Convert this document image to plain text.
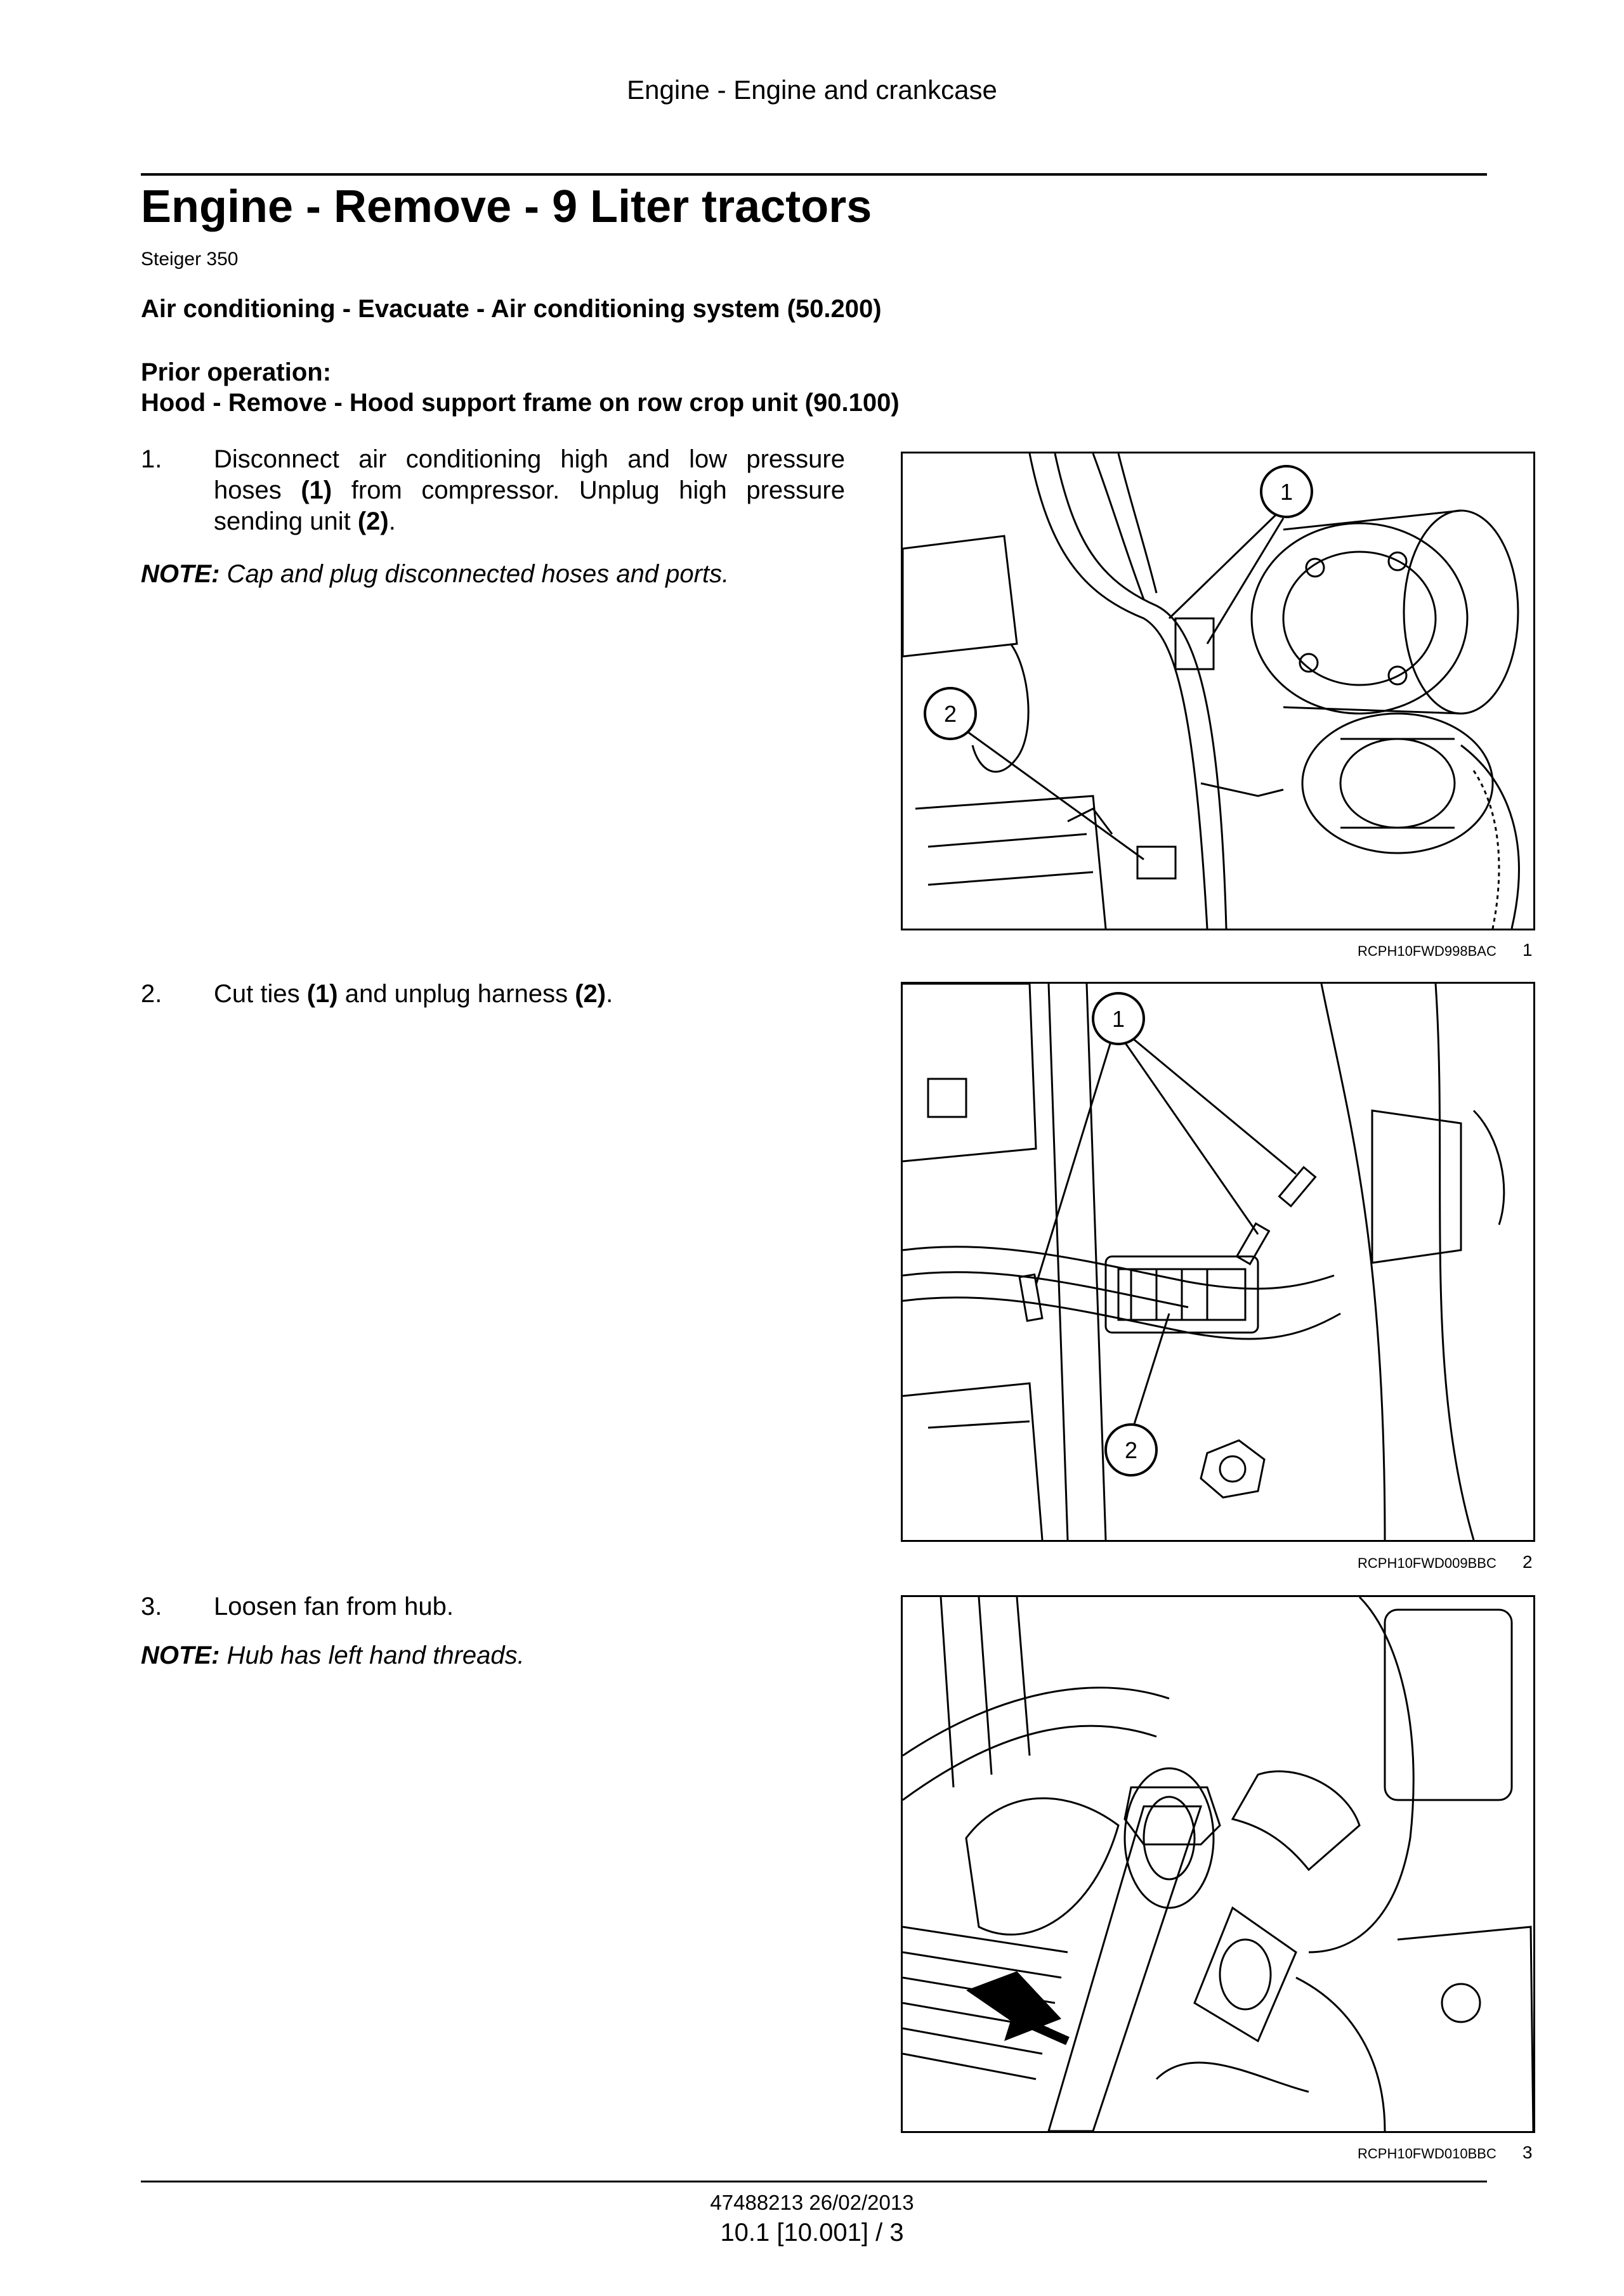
Engine - Engine and crankcase
Engine - Remove - 9 Liter tractors
Steiger 350
Air conditioning - Evacuate - Air conditioning system (50.200)
Prior operation:
Hood - Remove - Hood support frame on row crop unit (90.100)
1. Disconnect air conditioning high and low pressure hoses (1) from compressor. Unplug high pressure sending unit (2).
NOTE: Cap and plug disconnected hoses and ports.
1
2
RCPH10FWD998BAC 1
2. Cut ties (1) and unplug harness (2).
1
2
RCPH10FWD009BBC 2
3. Loosen fan from hub.
NOTE: Hub has left hand threads.
RCPH10FWD010BBC 3
47488213 26/02/2013
10.1 [10.001] / 3
